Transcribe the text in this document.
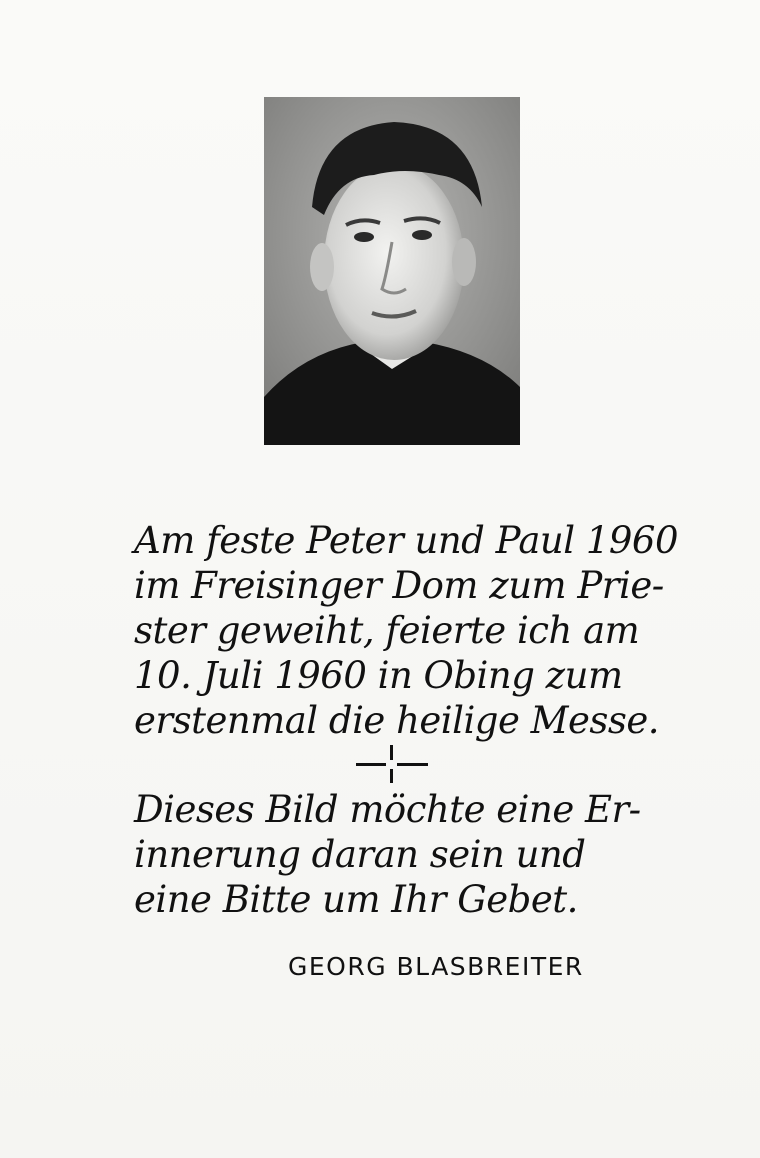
Am feste Peter und Paul 1960
im Freisinger Dom zum Prie-
ster geweiht, feierte ich am
10. Juli 1960 in Obing zum
erstenmal die heilige Messe.
Dieses Bild möchte eine Er-
innerung daran sein und
eine Bitte um Ihr Gebet.
GEORG BLASBREITER
